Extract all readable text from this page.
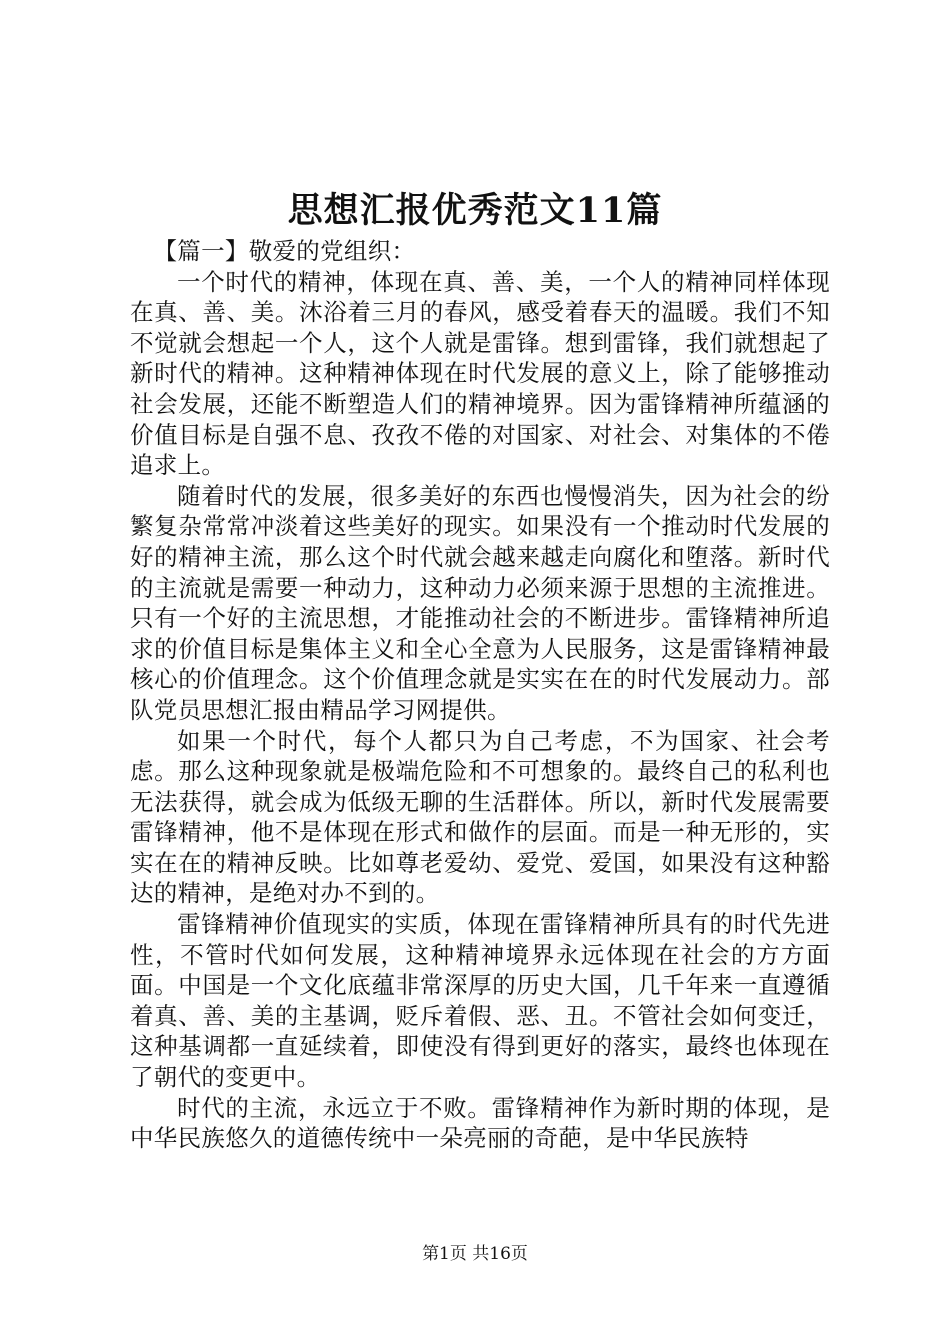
思想汇报优秀范文11篇

【篇一】敬爱的党组织：

一个时代的精神，体现在真、善、美，一个人的精神同样体现在真、善、美。沐浴着三月的春风，感受着春天的温暖。我们不知不觉就会想起一个人，这个人就是雷锋。想到雷锋，我们就想起了新时代的精神。这种精神体现在时代发展的意义上，除了能够推动社会发展，还能不断塑造人们的精神境界。因为雷锋精神所蕴涵的价值目标是自强不息、孜孜不倦的对国家、对社会、对集体的不倦追求上。

随着时代的发展，很多美好的东西也慢慢消失，因为社会的纷繁复杂常常冲淡着这些美好的现实。如果没有一个推动时代发展的好的精神主流，那么这个时代就会越来越走向腐化和堕落。新时代的主流就是需要一种动力，这种动力必须来源于思想的主流推进。只有一个好的主流思想，才能推动社会的不断进步。雷锋精神所追求的价值目标是集体主义和全心全意为人民服务，这是雷锋精神最核心的价值理念。这个价值理念就是实实在在的时代发展动力。部队党员思想汇报由精品学习网提供。

如果一个时代，每个人都只为自己考虑，不为国家、社会考虑。那么这种现象就是极端危险和不可想象的。最终自己的私利也无法获得，就会成为低级无聊的生活群体。所以，新时代发展需要雷锋精神，他不是体现在形式和做作的层面。而是一种无形的，实实在在的精神反映。比如尊老爱幼、爱党、爱国，如果没有这种豁达的精神，是绝对办不到的。

雷锋精神价值现实的实质，体现在雷锋精神所具有的时代先进性，不管时代如何发展，这种精神境界永远体现在社会的方方面面。中国是一个文化底蕴非常深厚的历史大国，几千年来一直遵循着真、善、美的主基调，贬斥着假、恶、丑。不管社会如何变迁，这种基调都一直延续着，即使没有得到更好的落实，最终也体现在了朝代的变更中。

时代的主流，永远立于不败。雷锋精神作为新时期的体现，是中华民族悠久的道德传统中一朵亮丽的奇葩，是中华民族特

第1页 共16页
